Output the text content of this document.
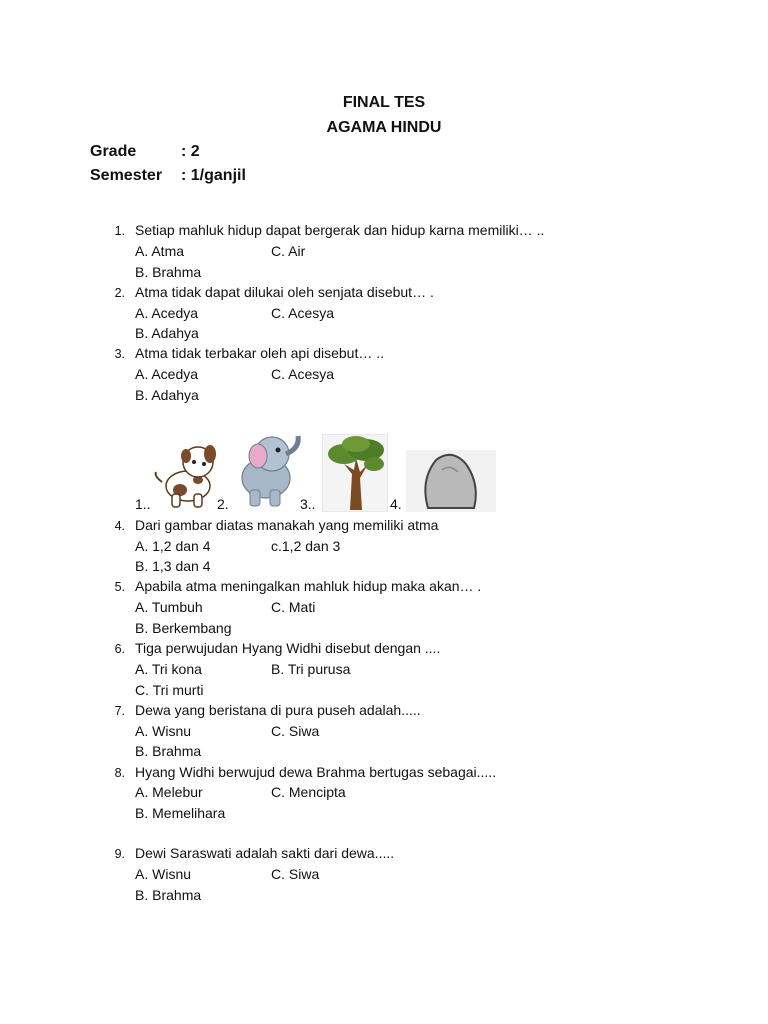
FINAL TES
AGAMA HINDU
Grade	: 2
Semester : 1/ganjil
1. Setiap mahluk hidup dapat bergerak dan hidup karna memiliki… ..
A. Atma	C. Air
B. Brahma
2. Atma tidak dapat dilukai oleh senjata disebut… .
A. Acedya	C. Acesya
B. Adahya
3. Atma tidak terbakar oleh api disebut… ..
A. Acedya	C. Acesya
B. Adahya
1..	2.	3..	4.
4. Dari gambar diatas manakah yang memiliki atma
A. 1,2 dan 4	c.1,2 dan 3
B. 1,3 dan 4
5. Apabila atma meningalkan mahluk hidup maka akan… .
A. Tumbuh	C. Mati
B. Berkembang
6. Tiga perwujudan Hyang Widhi disebut dengan ....
A. Tri kona	B. Tri purusa
C. Tri murti
7. Dewa yang beristana di pura puseh adalah.....
A. Wisnu	C. Siwa
B. Brahma
8. Hyang Widhi berwujud dewa Brahma bertugas sebagai.....
A. Melebur	C. Mencipta
B. Memelihara
9. Dewi Saraswati adalah sakti dari dewa.....
A. Wisnu	C. Siwa
B. Brahma
